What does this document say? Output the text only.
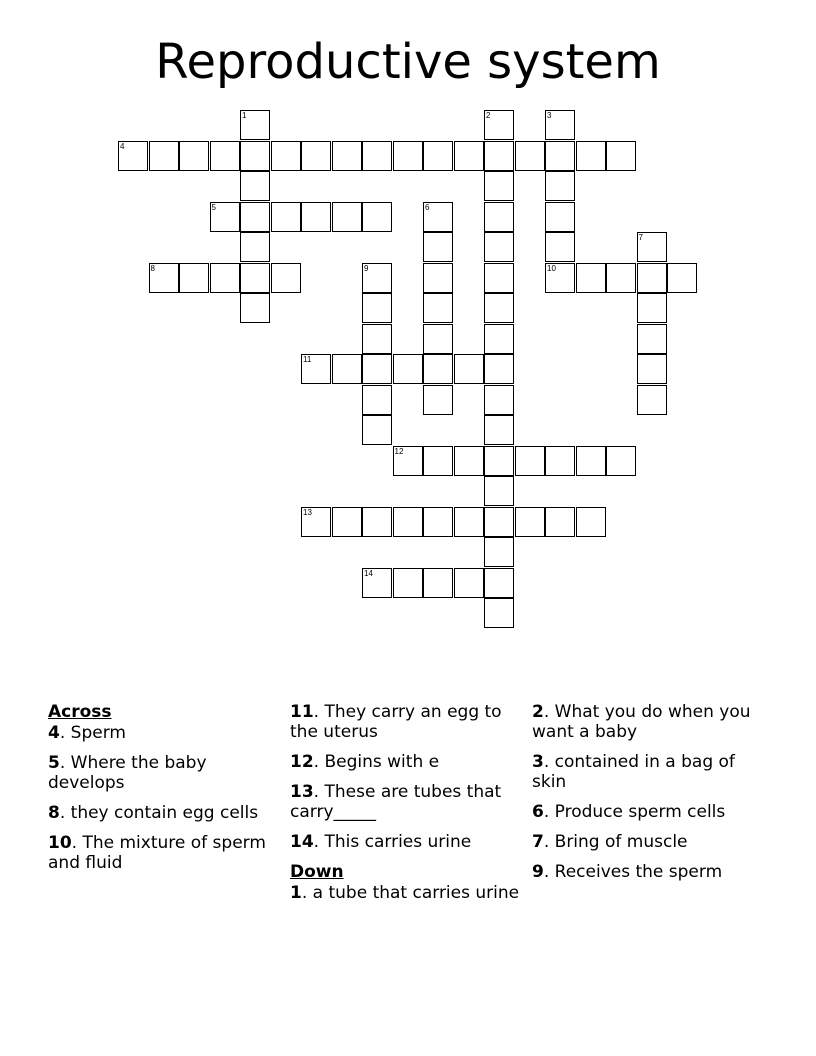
Reproductive system
4
1	2	3
10
5	6
7
8	9
11
12
13
14
Across
4. Sperm
5. Where the baby develops
8. they contain egg cells
10. The mixture of sperm and fluid
11. They carry an egg to the uterus
12. Begins with e
13. These are tubes that carry_____
14. This carries urine
Down
1. a tube that carries urine
2. What you do when you want a baby
3. contained in a bag of skin
6. Produce sperm cells
7. Bring of muscle
9. Receives the sperm
